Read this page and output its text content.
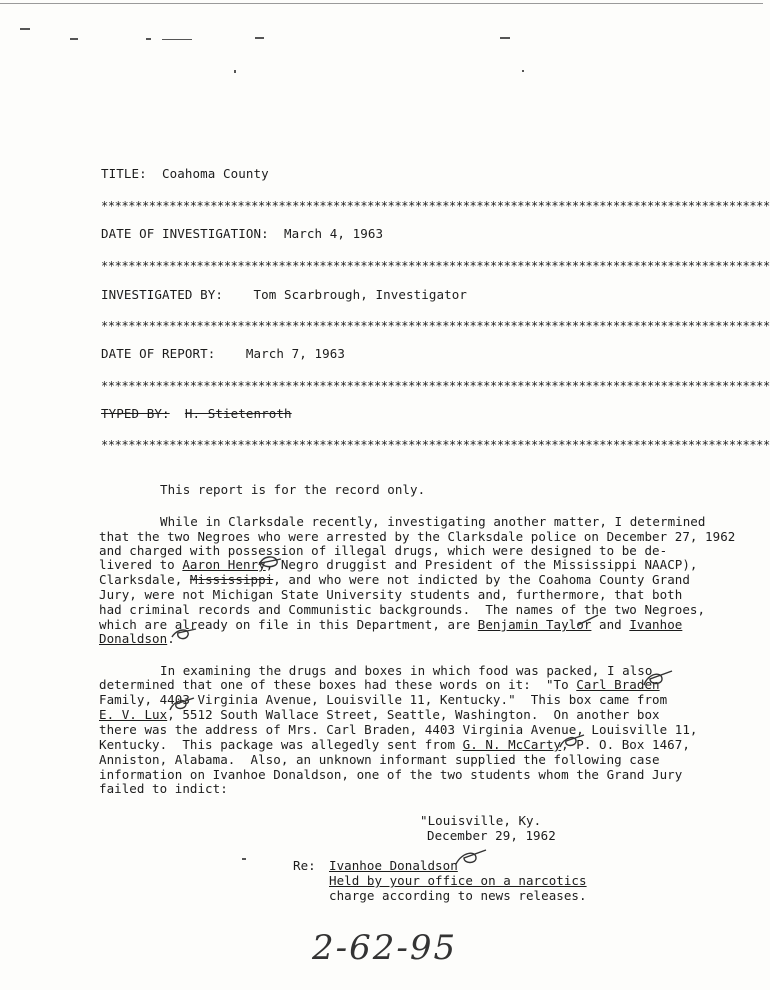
TITLE: Coahoma County
**************************************************************************************************
DATE OF INVESTIGATION: March 4, 1963
**************************************************************************************************
INVESTIGATED BY: Tom Scarbrough, Investigator
**************************************************************************************************
DATE OF REPORT: March 7, 1963
**************************************************************************************************
TYPED BY: H. Stietenroth
**************************************************************************************************
This report is for the record only.
While in Clarksdale recently, investigating another matter, I determined
that the two Negroes who were arrested by the Clarksdale police on December 27, 1962
and charged with possession of illegal drugs, which were designed to be de-
livered to Aaron Henry, Negro druggist and President of the Mississippi NAACP),
Clarksdale, Mississippi, and who were not indicted by the Coahoma County Grand
Jury, were not Michigan State University students and, furthermore, that both
had criminal records and Communistic backgrounds.  The names of the two Negroes,
which are already on file in this Department, are Benjamin Taylor and Ivanhoe
Donaldson.
In examining the drugs and boxes in which food was packed, I also
determined that one of these boxes had these words on it:  "To Carl Braden
Family, 4403 Virginia Avenue, Louisville 11, Kentucky."  This box came from
E. V. Lux, 5512 South Wallace Street, Seattle, Washington.  On another box
there was the address of Mrs. Carl Braden, 4403 Virginia Avenue, Louisville 11,
Kentucky.  This package was allegedly sent from G. N. McCarty, P. O. Box 1467,
Anniston, Alabama.  Also, an unknown informant supplied the following case
information on Ivanhoe Donaldson, one of the two students whom the Grand Jury
failed to indict:
"Louisville, Ky.
December 29, 1962
Re: Ivanhoe Donaldson
Held by your office on a narcotics
charge according to news releases.
2-62-95
